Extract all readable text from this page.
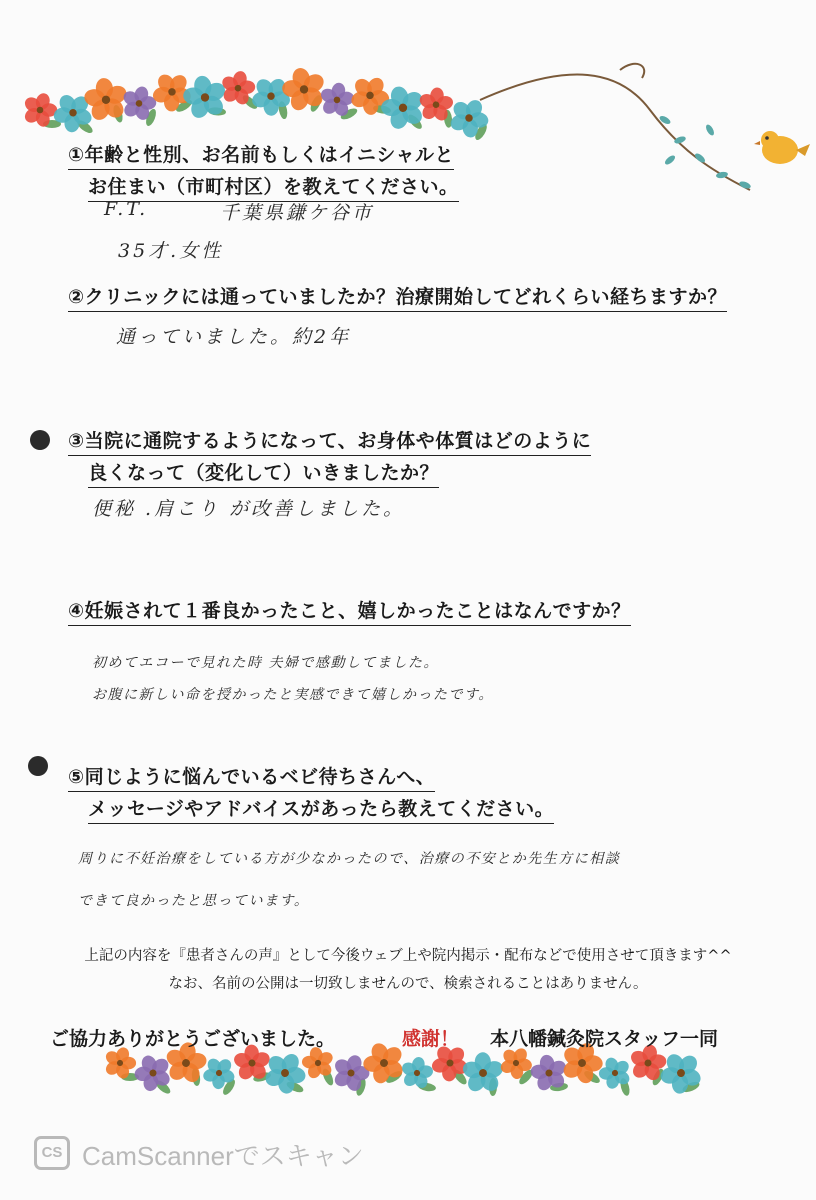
①年齢と性別、お名前もしくはイニシャルと
お住まい（市町村区）を教えてください。
F.T.	千葉県鎌ケ谷市
35才.女性
②クリニックには通っていましたか？治療開始してどれくらい経ちますか？
通っていました。約2年
③当院に通院するようになって、お身体や体質はどのように
良くなって（変化して）いきましたか？
便秘 .肩こり が改善しました。
④妊娠されて１番良かったこと、嬉しかったことはなんですか？
初めてエコーで見れた時 夫婦で感動してました。
お腹に新しい命を授かったと実感できて嬉しかったです。
⑤同じように悩んでいるベビ待ちさんへ、
メッセージやアドバイスがあったら教えてください。
周りに不妊治療をしている方が少なかったので、治療の不安とか先生方に相談
できて良かったと思っています。
上記の内容を『患者さんの声』として今後ウェブ上や院内掲示・配布などで使用させて頂きます^^
なお、名前の公開は一切致しませんので、検索されることはありません。
ご協力ありがとうございました。	感謝！ 本八幡鍼灸院スタッフ一同
CS CamScannerでスキャン
